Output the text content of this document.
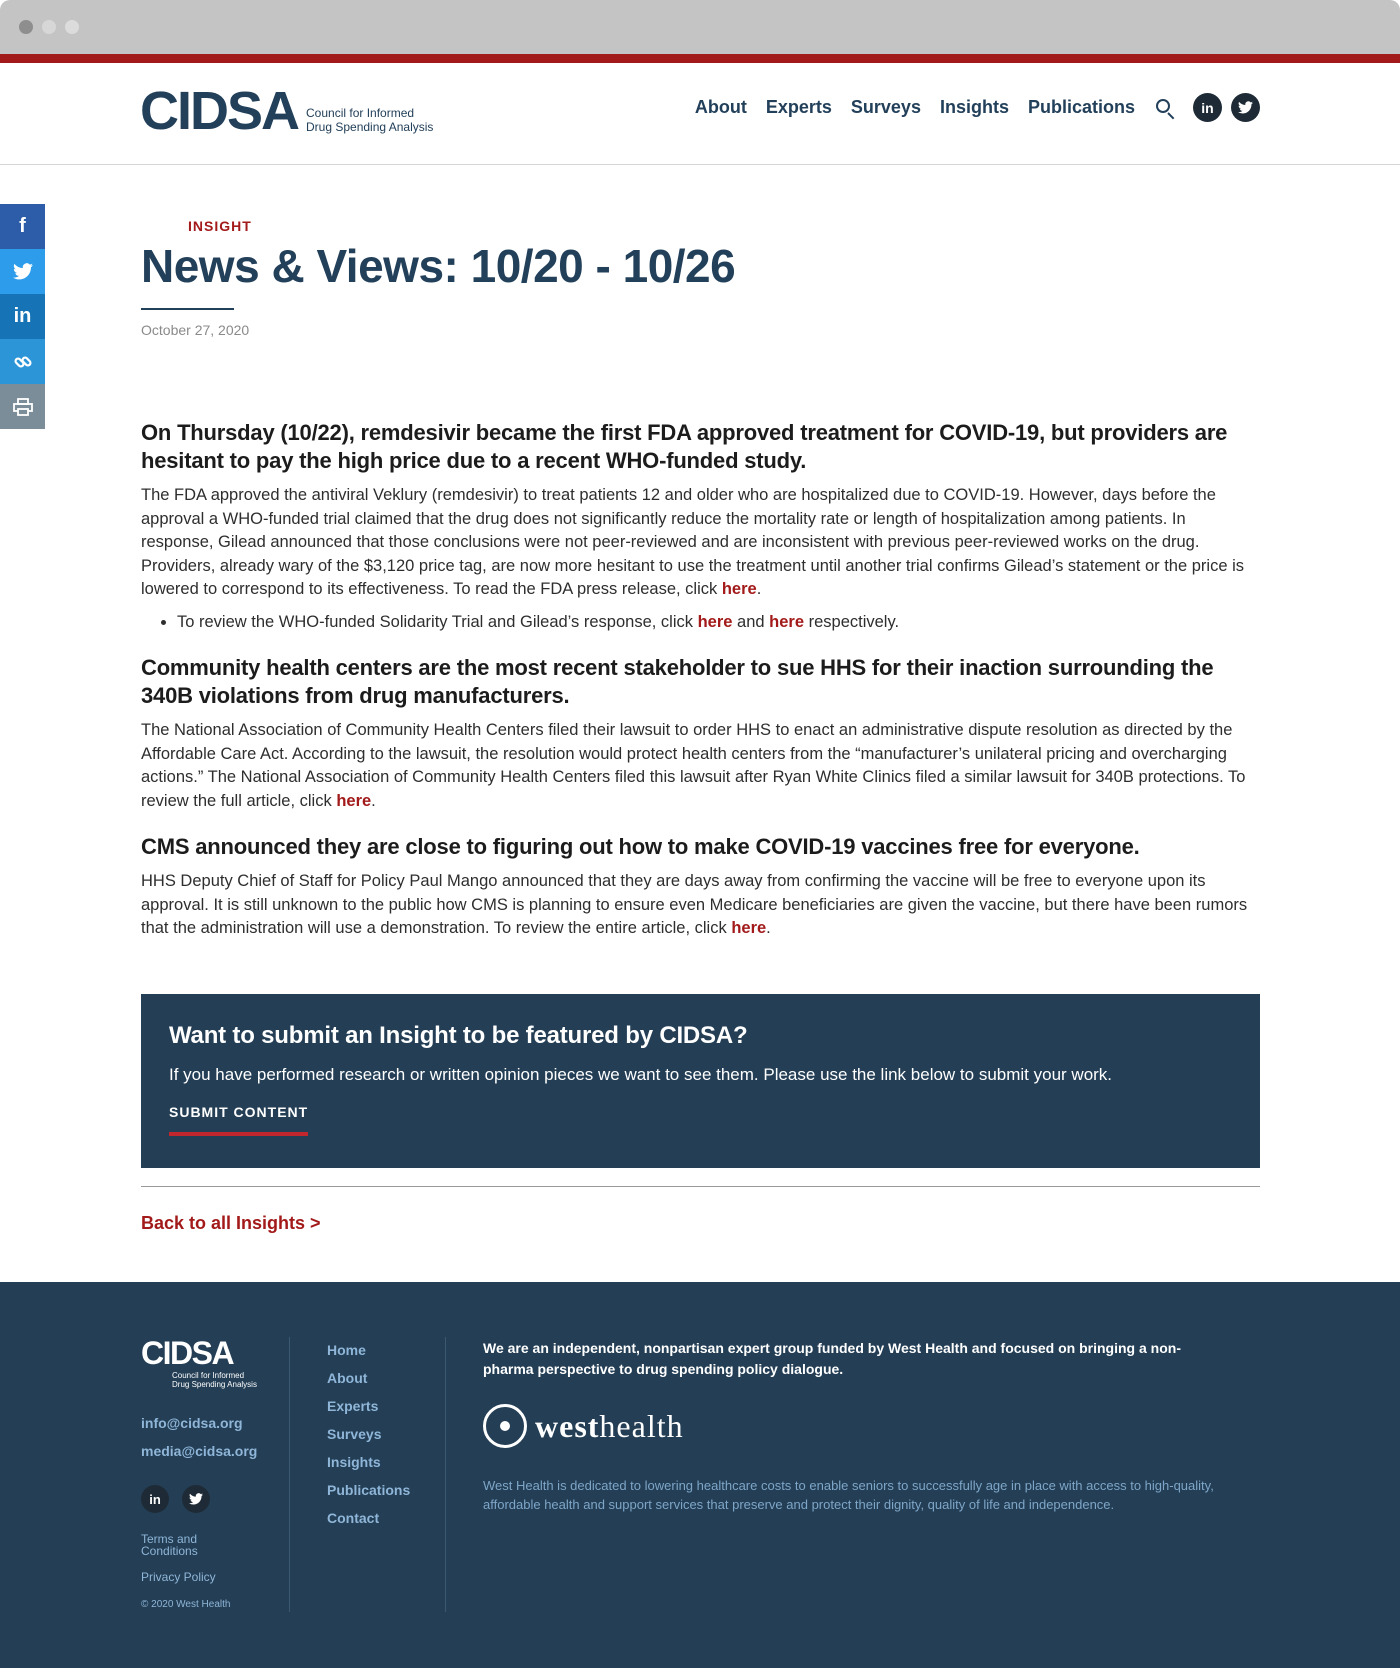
CIDSA Council for Informed
Drug Spending Analysis
About Experts Surveys Insights Publications	in
f
in
INSIGHT
News & Views: 10/20 - 10/26
October 27, 2020
On Thursday (10/22), remdesivir became the first FDA approved treatment for COVID-19, but providers are hesitant to pay the high price due to a recent WHO-funded study.

The FDA approved the antiviral Veklury (remdesivir) to treat patients 12 and older who are hospitalized due to COVID-19. However, days before the approval a WHO-funded trial claimed that the drug does not significantly reduce the mortality rate or length of hospitalization among patients. In response, Gilead announced that those conclusions were not peer-reviewed and are inconsistent with previous peer-reviewed works on the drug. Providers, already wary of the $3,120 price tag, are now more hesitant to use the treatment until another trial confirms Gilead’s statement or the price is lowered to correspond to its effectiveness. To read the FDA press release, click here.

• To review the WHO-funded Solidarity Trial and Gilead’s response, click here and here respectively.
Community health centers are the most recent stakeholder to sue HHS for their inaction surrounding the 340B violations from drug manufacturers.

The National Association of Community Health Centers filed their lawsuit to order HHS to enact an administrative dispute resolution as directed by the Affordable Care Act. According to the lawsuit, the resolution would protect health centers from the “manufacturer’s unilateral pricing and overcharging actions.” The National Association of Community Health Centers filed this lawsuit after Ryan White Clinics filed a similar lawsuit for 340B protections. To review the full article, click here.

CMS announced they are close to figuring out how to make COVID-19 vaccines free for everyone.

HHS Deputy Chief of Staff for Policy Paul Mango announced that they are days away from confirming the vaccine will be free to everyone upon its approval. It is still unknown to the public how CMS is planning to ensure even Medicare beneficiaries are given the vaccine, but there have been rumors that the administration will use a demonstration. To review the entire article, click here.

Want to submit an Insight to be featured by CIDSA?

If you have performed research or written opinion pieces we want to see them. Please use the link below to submit your work.

SUBMIT CONTENT
Back to all Insights >
CIDSA
Council for Informed
Drug Spending Analysis
info@cidsa.org
media@cidsa.org
in
Terms and
Conditions
Privacy Policy
© 2020 West Health
Home
About
Experts
Surveys
Insights
Publications
Contact
We are an independent, nonpartisan expert group funded by West Health and focused on bringing a non-pharma perspective to drug spending policy dialogue.
westhealth
West Health is dedicated to lowering healthcare costs to enable seniors to successfully age in place with access to high-quality, affordable health and support services that preserve and protect their dignity, quality of life and independence.
